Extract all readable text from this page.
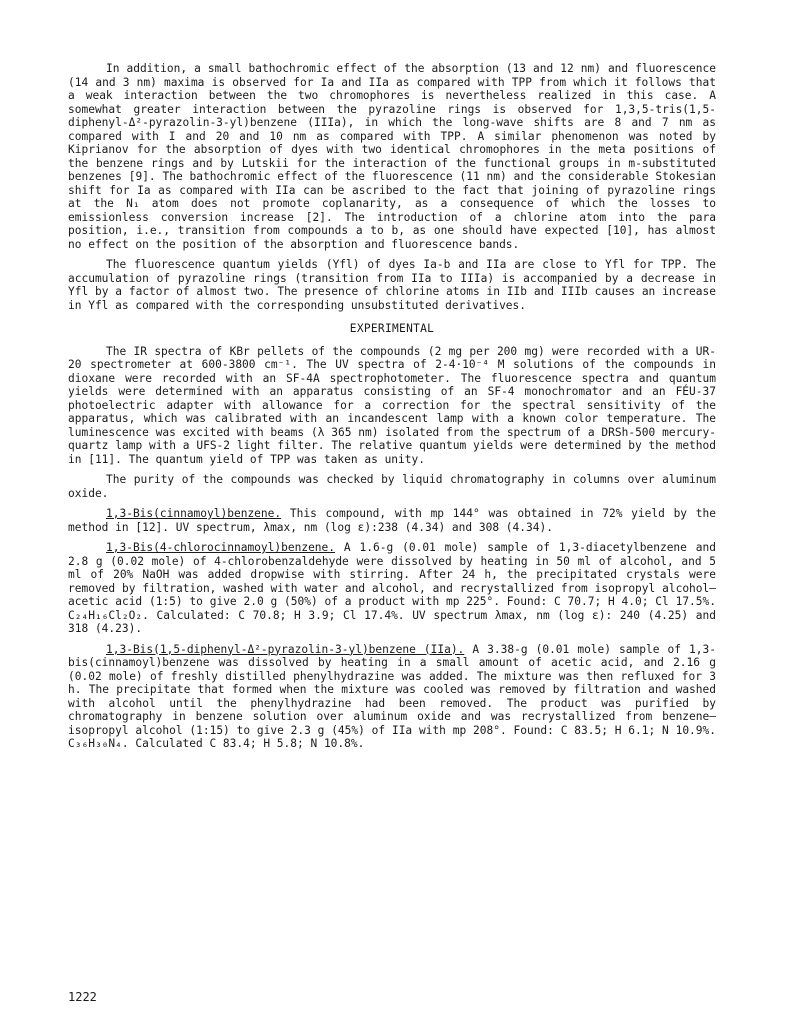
In addition, a small bathochromic effect of the absorption (13 and 12 nm) and fluorescence (14 and 3 nm) maxima is observed for Ia and IIa as compared with TPP from which it follows that a weak interaction between the two chromophores is nevertheless realized in this case. A somewhat greater interaction between the pyrazoline rings is observed for 1,3,5-tris(1,5-diphenyl-Δ²-pyrazolin-3-yl)benzene (IIIa), in which the long-wave shifts are 8 and 7 nm as compared with I and 20 and 10 nm as compared with TPP. A similar phenomenon was noted by Kiprianov for the absorption of dyes with two identical chromophores in the meta positions of the benzene rings and by Lutskii for the interaction of the functional groups in m-substituted benzenes [9]. The bathochromic effect of the fluorescence (11 nm) and the considerable Stokesian shift for Ia as compared with IIa can be ascribed to the fact that joining of pyrazoline rings at the N₁ atom does not promote coplanarity, as a consequence of which the losses to emissionless conversion increase [2]. The introduction of a chlorine atom into the para position, i.e., transition from compounds a to b, as one should have expected [10], has almost no effect on the position of the absorption and fluorescence bands.

The fluorescence quantum yields (Yfl) of dyes Ia-b and IIa are close to Yfl for TPP. The accumulation of pyrazoline rings (transition from IIa to IIIa) is accompanied by a decrease in Yfl by a factor of almost two. The presence of chlorine atoms in IIb and IIIb causes an increase in Yfl as compared with the corresponding unsubstituted derivatives.

EXPERIMENTAL

The IR spectra of KBr pellets of the compounds (2 mg per 200 mg) were recorded with a UR-20 spectrometer at 600-3800 cm⁻¹. The UV spectra of 2-4·10⁻⁴ M solutions of the compounds in dioxane were recorded with an SF-4A spectrophotometer. The fluorescence spectra and quantum yields were determined with an apparatus consisting of an SF-4 monochromator and an FÉU-37 photoelectric adapter with allowance for a correction for the spectral sensitivity of the apparatus, which was calibrated with an incandescent lamp with a known color temperature. The luminescence was excited with beams (λ 365 nm) isolated from the spectrum of a DRSh-500 mercury-quartz lamp with a UFS-2 light filter. The relative quantum yields were determined by the method in [11]. The quantum yield of TPP was taken as unity.

The purity of the compounds was checked by liquid chromatography in columns over aluminum oxide.

1,3-Bis(cinnamoyl)benzene. This compound, with mp 144° was obtained in 72% yield by the method in [12]. UV spectrum, λmax, nm (log ε):238 (4.34) and 308 (4.34).

1,3-Bis(4-chlorocinnamoyl)benzene. A 1.6-g (0.01 mole) sample of 1,3-diacetylbenzene and 2.8 g (0.02 mole) of 4-chlorobenzaldehyde were dissolved by heating in 50 ml of alcohol, and 5 ml of 20% NaOH was added dropwise with stirring. After 24 h, the precipitated crystals were removed by filtration, washed with water and alcohol, and recrystallized from isopropyl alcohol—acetic acid (1:5) to give 2.0 g (50%) of a product with mp 225°. Found: C 70.7; H 4.0; Cl 17.5%. C₂₄H₁₆Cl₂O₂. Calculated: C 70.8; H 3.9; Cl 17.4%. UV spectrum λmax, nm (log ε): 240 (4.25) and 318 (4.23).

1,3-Bis(1,5-diphenyl-Δ²-pyrazolin-3-yl)benzene (IIa). A 3.38-g (0.01 mole) sample of 1,3-bis(cinnamoyl)benzene was dissolved by heating in a small amount of acetic acid, and 2.16 g (0.02 mole) of freshly distilled phenylhydrazine was added. The mixture was then refluxed for 3 h. The precipitate that formed when the mixture was cooled was removed by filtration and washed with alcohol until the phenylhydrazine had been removed. The product was purified by chromatography in benzene solution over aluminum oxide and was recrystallized from benzene—isopropyl alcohol (1:15) to give 2.3 g (45%) of IIa with mp 208°. Found: C 83.5; H 6.1; N 10.9%. C₃₆H₃₀N₄. Calculated C 83.4; H 5.8; N 10.8%.

1222
